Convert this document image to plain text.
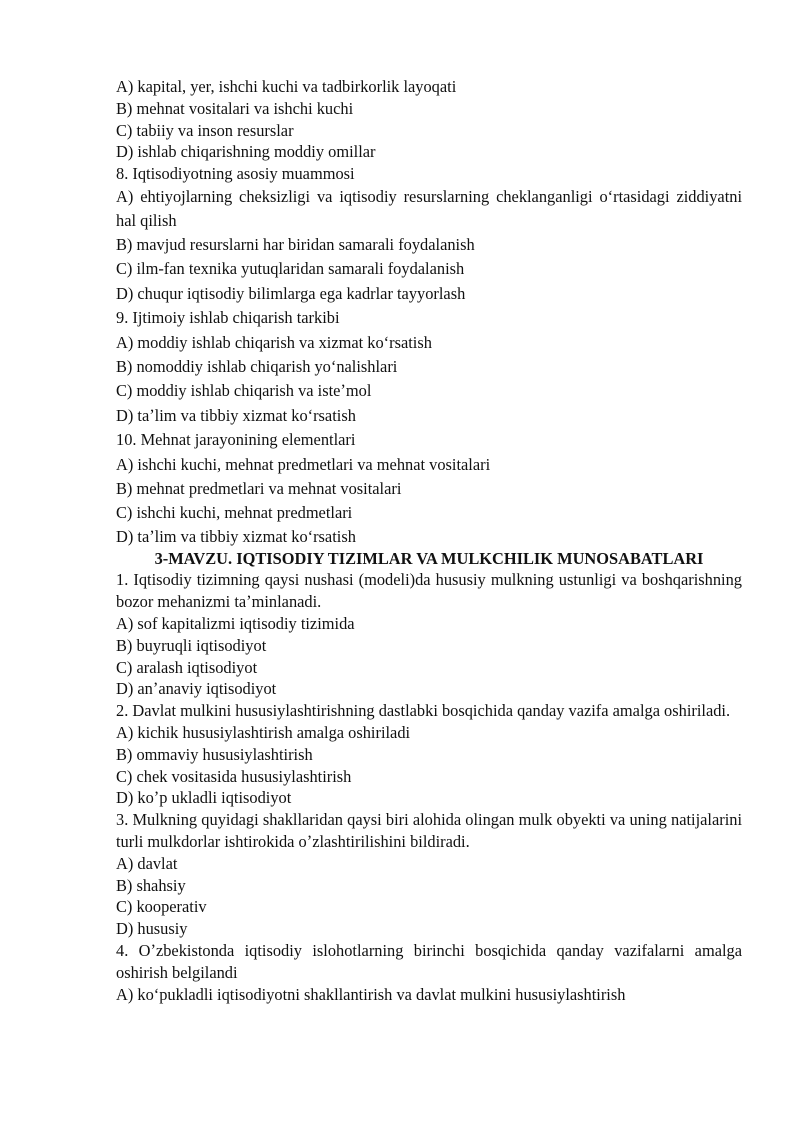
A) kapital, yer, ishchi kuchi va tadbirkorlik layoqati
B) mehnat vositalari va ishchi kuchi
C) tabiiy va inson resurslar
D) ishlab chiqarishning moddiy omillar
8. Iqtisodiyotning asosiy muammosi
A) ehtiyojlarning cheksizligi va iqtisodiy resurslarning cheklanganligi oʻrtasidagi ziddiyatni hal qilish
B) mavjud resurslarni har biridan samarali foydalanish
C) ilm-fan texnika yutuqlaridan samarali foydalanish
D) chuqur iqtisodiy bilimlarga ega kadrlar tayyorlash
9. Ijtimoiy ishlab chiqarish tarkibi
A) moddiy ishlab chiqarish va xizmat koʻrsatish
B) nomoddiy ishlab chiqarish yoʻnalishlari
C) moddiy ishlab chiqarish va isteʼmol
D) taʼlim va tibbiy xizmat koʻrsatish
10. Mehnat jarayonining elementlari
A) ishchi kuchi, mehnat predmetlari va mehnat vositalari
B) mehnat predmetlari va mehnat vositalari
C) ishchi kuchi, mehnat predmetlari
D) taʼlim va tibbiy xizmat koʻrsatish
3-MAVZU. IQTISODIY TIZIMLAR VA MULKCHILIK MUNOSABATLARI
1. Iqtisodiy tizimning qaysi nushasi (modeli)da hususiy mulkning ustunligi va boshqarishning bozor mehanizmi taʼminlanadi.
A) sof kapitalizmi iqtisodiy tizimida
B) buyruqli iqtisodiyot
C) aralash iqtisodiyot
D) anʼanaviy iqtisodiyot
2. Davlat mulkini hususiylashtirishning dastlabki bosqichida qanday vazifa amalga oshiriladi.
A) kichik hususiylashtirish amalga oshiriladi
B) ommaviy hususiylashtirish
C) chek vositasida hususiylashtirish
D) koʼp ukladli iqtisodiyot
3. Mulkning quyidagi shakllaridan qaysi biri alohida olingan mulk obyekti va uning natijalarini turli mulkdorlar ishtirokida oʼzlashtirilishini bildiradi.
A) davlat
B) shahsiy
C) kooperativ
D) hususiy
4. Oʼzbekistonda iqtisodiy islohotlarning birinchi bosqichida qanday vazifalarni amalga oshirish belgilandi
A) koʻpukladli iqtisodiyotni shakllantirish va davlat mulkini hususiylashtirish
